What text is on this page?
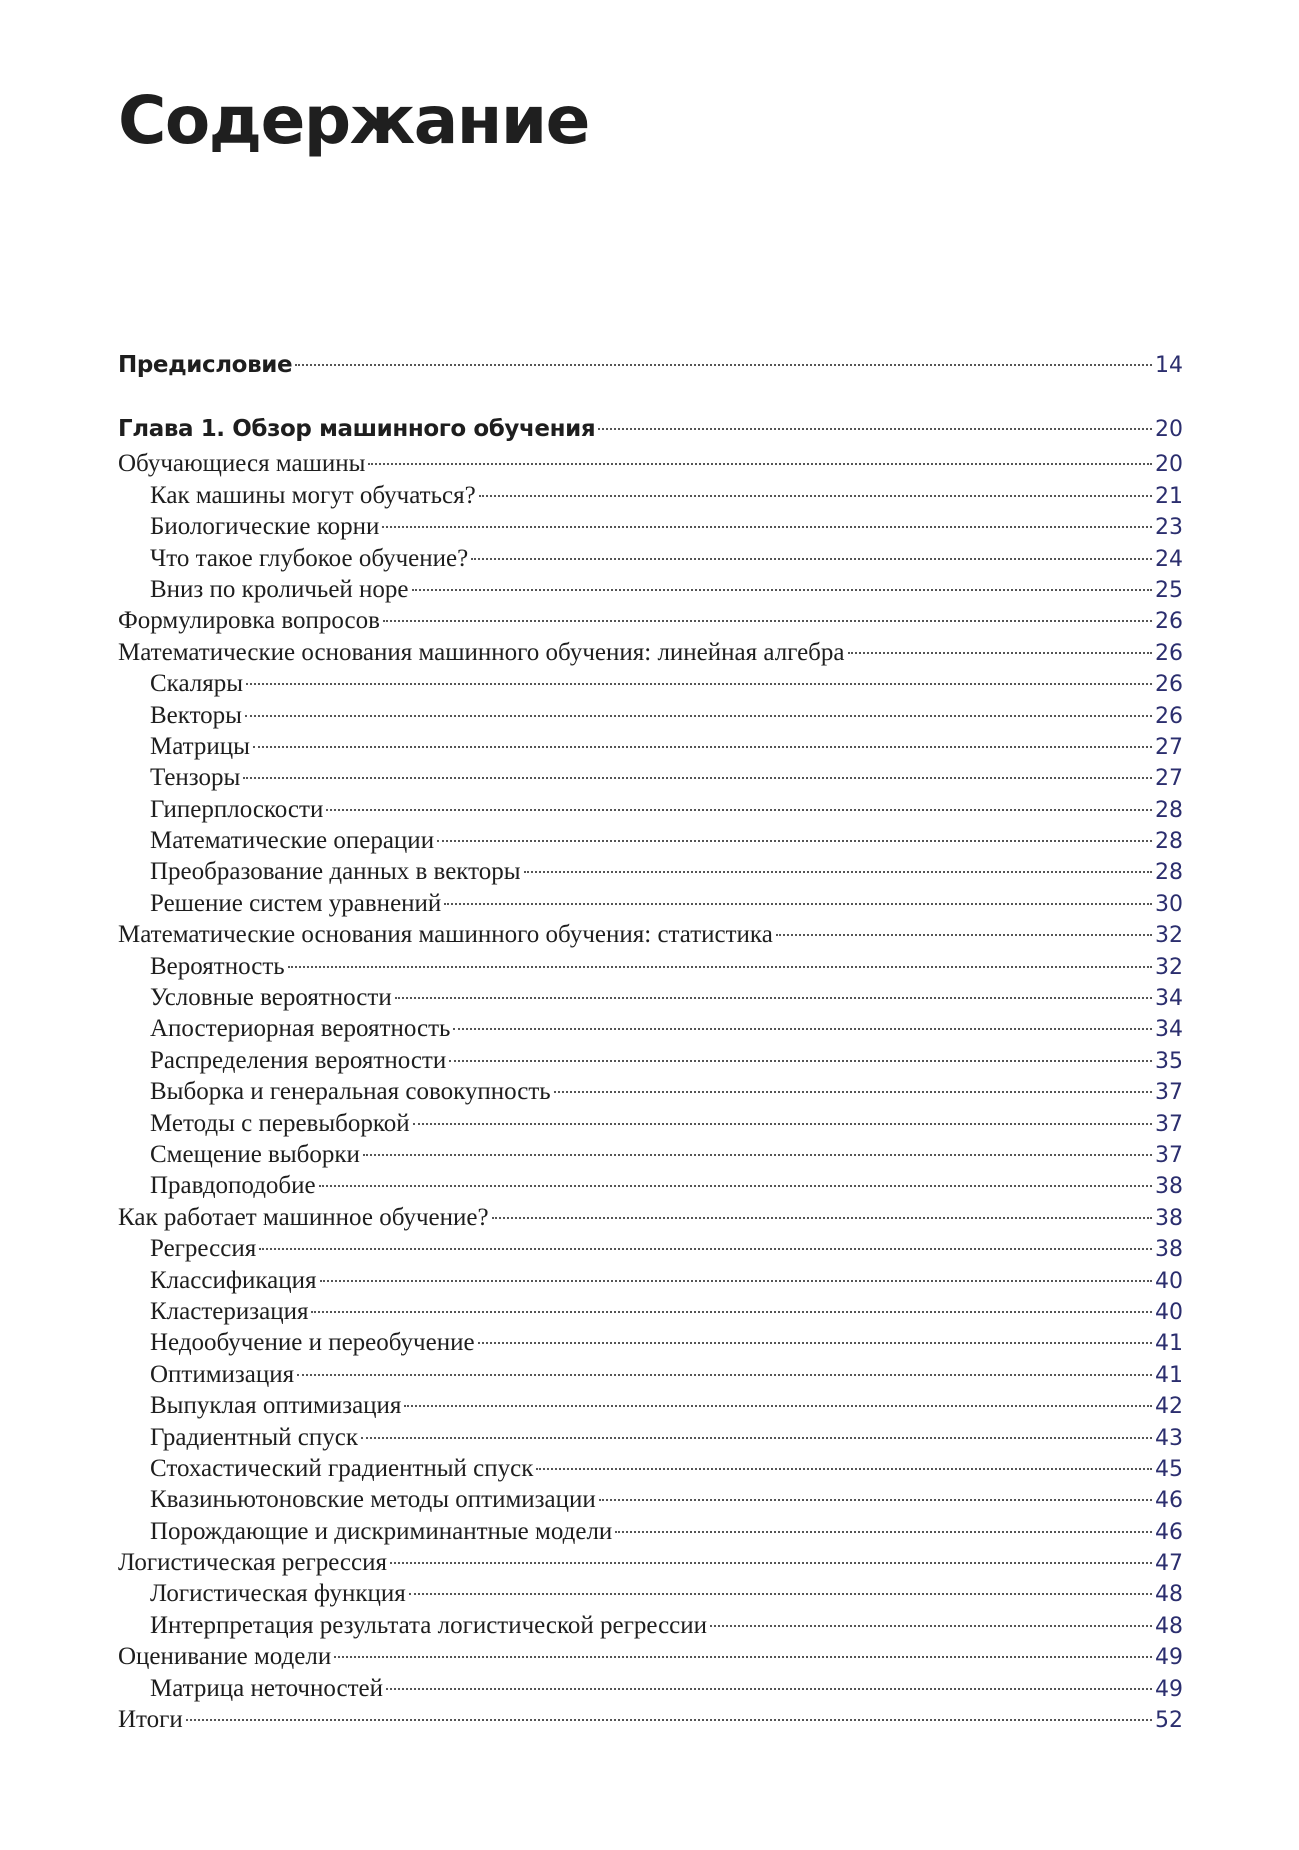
Содержание
Предисловие	14
Глава 1. Обзор машинного обучения	20
Обучающиеся машины	20
Как машины могут обучаться?	21
Биологические корни	23
Что такое глубокое обучение?	24
Вниз по кроличьей норе	25
Формулировка вопросов	26
Математические основания машинного обучения: линейная алгебра	26
Скаляры	26
Векторы	26
Матрицы	27
Тензоры	27
Гиперплоскости	28
Математические операции	28
Преобразование данных в векторы	28
Решение систем уравнений	30
Математические основания машинного обучения: статистика	32
Вероятность	32
Условные вероятности	34
Апостериорная вероятность	34
Распределения вероятности	35
Выборка и генеральная совокупность	37
Методы с перевыборкой	37
Смещение выборки	37
Правдоподобие	38
Как работает машинное обучение?	38
Регрессия	38
Классификация	40
Кластеризация	40
Недообучение и переобучение	41
Оптимизация	41
Выпуклая оптимизация	42
Градиентный спуск	43
Стохастический градиентный спуск	45
Квазиньютоновские методы оптимизации	46
Порождающие и дискриминантные модели	46
Логистическая регрессия	47
Логистическая функция	48
Интерпретация результата логистической регрессии	48
Оценивание модели	49
Матрица неточностей	49
Итоги	52
